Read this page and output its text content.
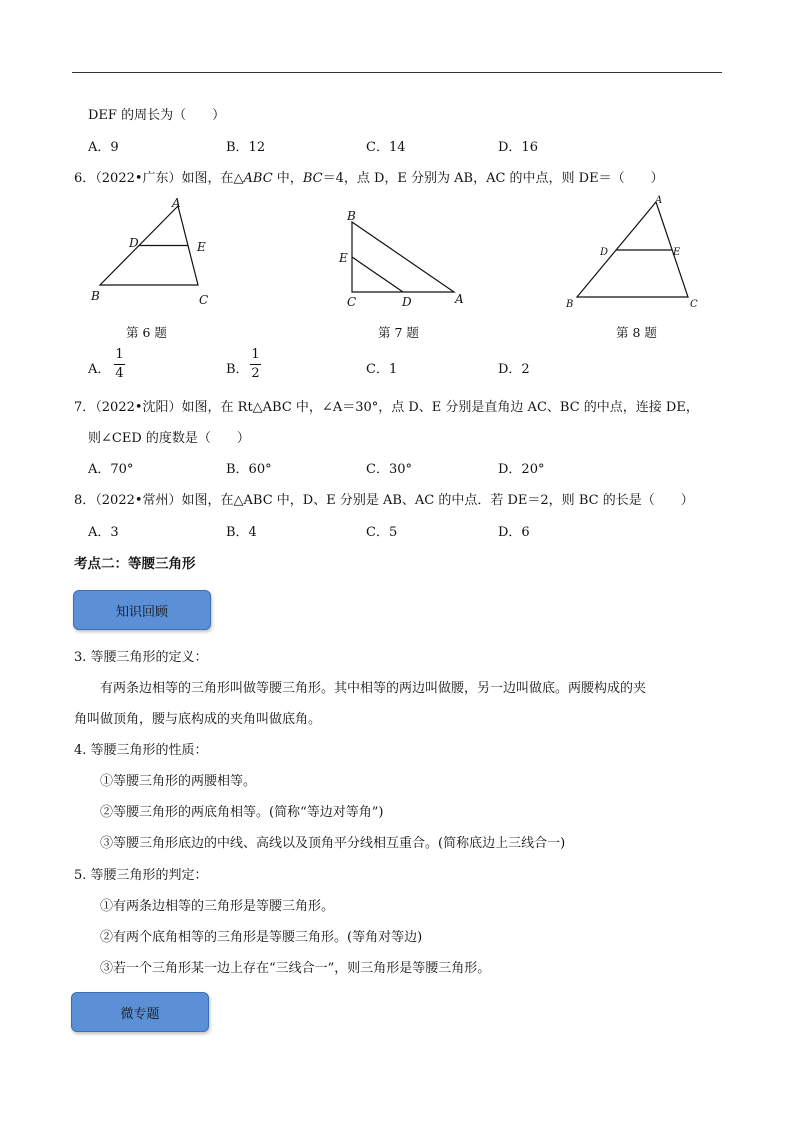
DEF 的周长为（　　）
A．9	B．12	C．14	D．16
6．（2022•广东）如图，在△ABC 中，BC＝4，点 D，E 分别为 AB，AC 的中点，则 DE＝（　　）
A
D	E
B	C
第 6 题
B
E
C	D	A
第 7 题
A
D	E
B	C
第 8 题
A．
1
4	B．
1
2	C．1	D．2
7．（2022•沈阳）如图，在 Rt△ABC 中，∠A＝30°，点 D、E 分别是直角边 AC、BC 的中点，连接 DE，
则∠CED 的度数是（　　）
A．70°	B．60°	C．30°	D．20°
8．（2022•常州）如图，在△ABC 中，D、E 分别是 AB、AC 的中点．若 DE＝2，则 BC 的长是（　　）
A．3	B．4	C．5	D．6
考点二：等腰三角形
知识回顾
3. 等腰三角形的定义：
有两条边相等的三角形叫做等腰三角形。其中相等的两边叫做腰，另一边叫做底。两腰构成的夹
角叫做顶角，腰与底构成的夹角叫做底角。
4. 等腰三角形的性质：
①等腰三角形的两腰相等。
②等腰三角形的两底角相等。(简称“等边对等角”)
③等腰三角形底边的中线、高线以及顶角平分线相互重合。(简称底边上三线合一)
5. 等腰三角形的判定：
①有两条边相等的三角形是等腰三角形。
②有两个底角相等的三角形是等腰三角形。(等角对等边)
③若一个三角形某一边上存在“三线合一”，则三角形是等腰三角形。
微专题
